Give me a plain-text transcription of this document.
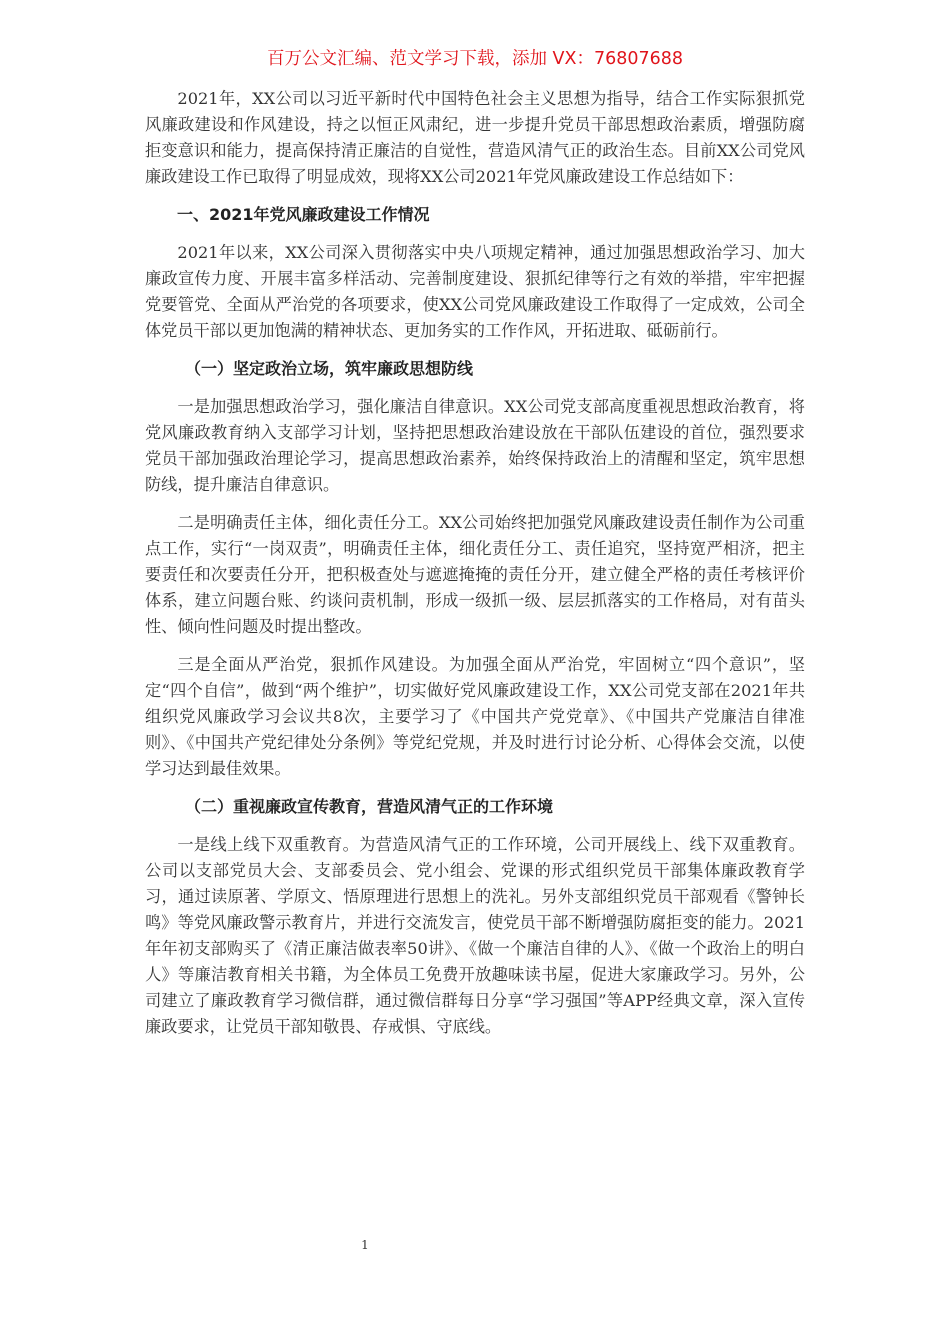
百万公文汇编、范文学习下载，添加 VX：76807688

2021年，XX公司以习近平新时代中国特色社会主义思想为指导，结合工作实际狠抓党风廉政建设和作风建设，持之以恒正风肃纪，进一步提升党员干部思想政治素质，增强防腐拒变意识和能力，提高保持清正廉洁的自觉性，营造风清气正的政治生态。目前XX公司党风廉政建设工作已取得了明显成效，现将XX公司2021年党风廉政建设工作总结如下：

一、2021年党风廉政建设工作情况

2021年以来，XX公司深入贯彻落实中央八项规定精神，通过加强思想政治学习、加大廉政宣传力度、开展丰富多样活动、完善制度建设、狠抓纪律等行之有效的举措，牢牢把握党要管党、全面从严治党的各项要求，使XX公司党风廉政建设工作取得了一定成效，公司全体党员干部以更加饱满的精神状态、更加务实的工作作风，开拓进取、砥砺前行。

（一）坚定政治立场，筑牢廉政思想防线

一是加强思想政治学习，强化廉洁自律意识。XX公司党支部高度重视思想政治教育，将党风廉政教育纳入支部学习计划，坚持把思想政治建设放在干部队伍建设的首位，强烈要求党员干部加强政治理论学习，提高思想政治素养，始终保持政治上的清醒和坚定，筑牢思想防线，提升廉洁自律意识。

二是明确责任主体，细化责任分工。XX公司始终把加强党风廉政建设责任制作为公司重点工作，实行“一岗双责”，明确责任主体，细化责任分工、责任追究，坚持宽严相济，把主要责任和次要责任分开，把积极查处与遮遮掩掩的责任分开，建立健全严格的责任考核评价体系，建立问题台账、约谈问责机制，形成一级抓一级、层层抓落实的工作格局，对有苗头性、倾向性问题及时提出整改。

三是全面从严治党，狠抓作风建设。为加强全面从严治党，牢固树立“四个意识”，坚定“四个自信”，做到“两个维护”，切实做好党风廉政建设工作，XX公司党支部在2021年共组织党风廉政学习会议共8次，主要学习了《中国共产党党章》、《中国共产党廉洁自律准则》、《中国共产党纪律处分条例》等党纪党规，并及时进行讨论分析、心得体会交流，以使学习达到最佳效果。

（二）重视廉政宣传教育，营造风清气正的工作环境

一是线上线下双重教育。为营造风清气正的工作环境，公司开展线上、线下双重教育。公司以支部党员大会、支部委员会、党小组会、党课的形式组织党员干部集体廉政教育学习，通过读原著、学原文、悟原理进行思想上的洗礼。另外支部组织党员干部观看《警钟长鸣》等党风廉政警示教育片，并进行交流发言，使党员干部不断增强防腐拒变的能力。2021年年初支部购买了《清正廉洁做表率50讲》、《做一个廉洁自律的人》、《做一个政治上的明白人》等廉洁教育相关书籍，为全体员工免费开放趣味读书屋，促进大家廉政学习。另外，公司建立了廉政教育学习微信群，通过微信群每日分享“学习强国”等APP经典文章，深入宣传廉政要求，让党员干部知敬畏、存戒惧、守底线。

1
